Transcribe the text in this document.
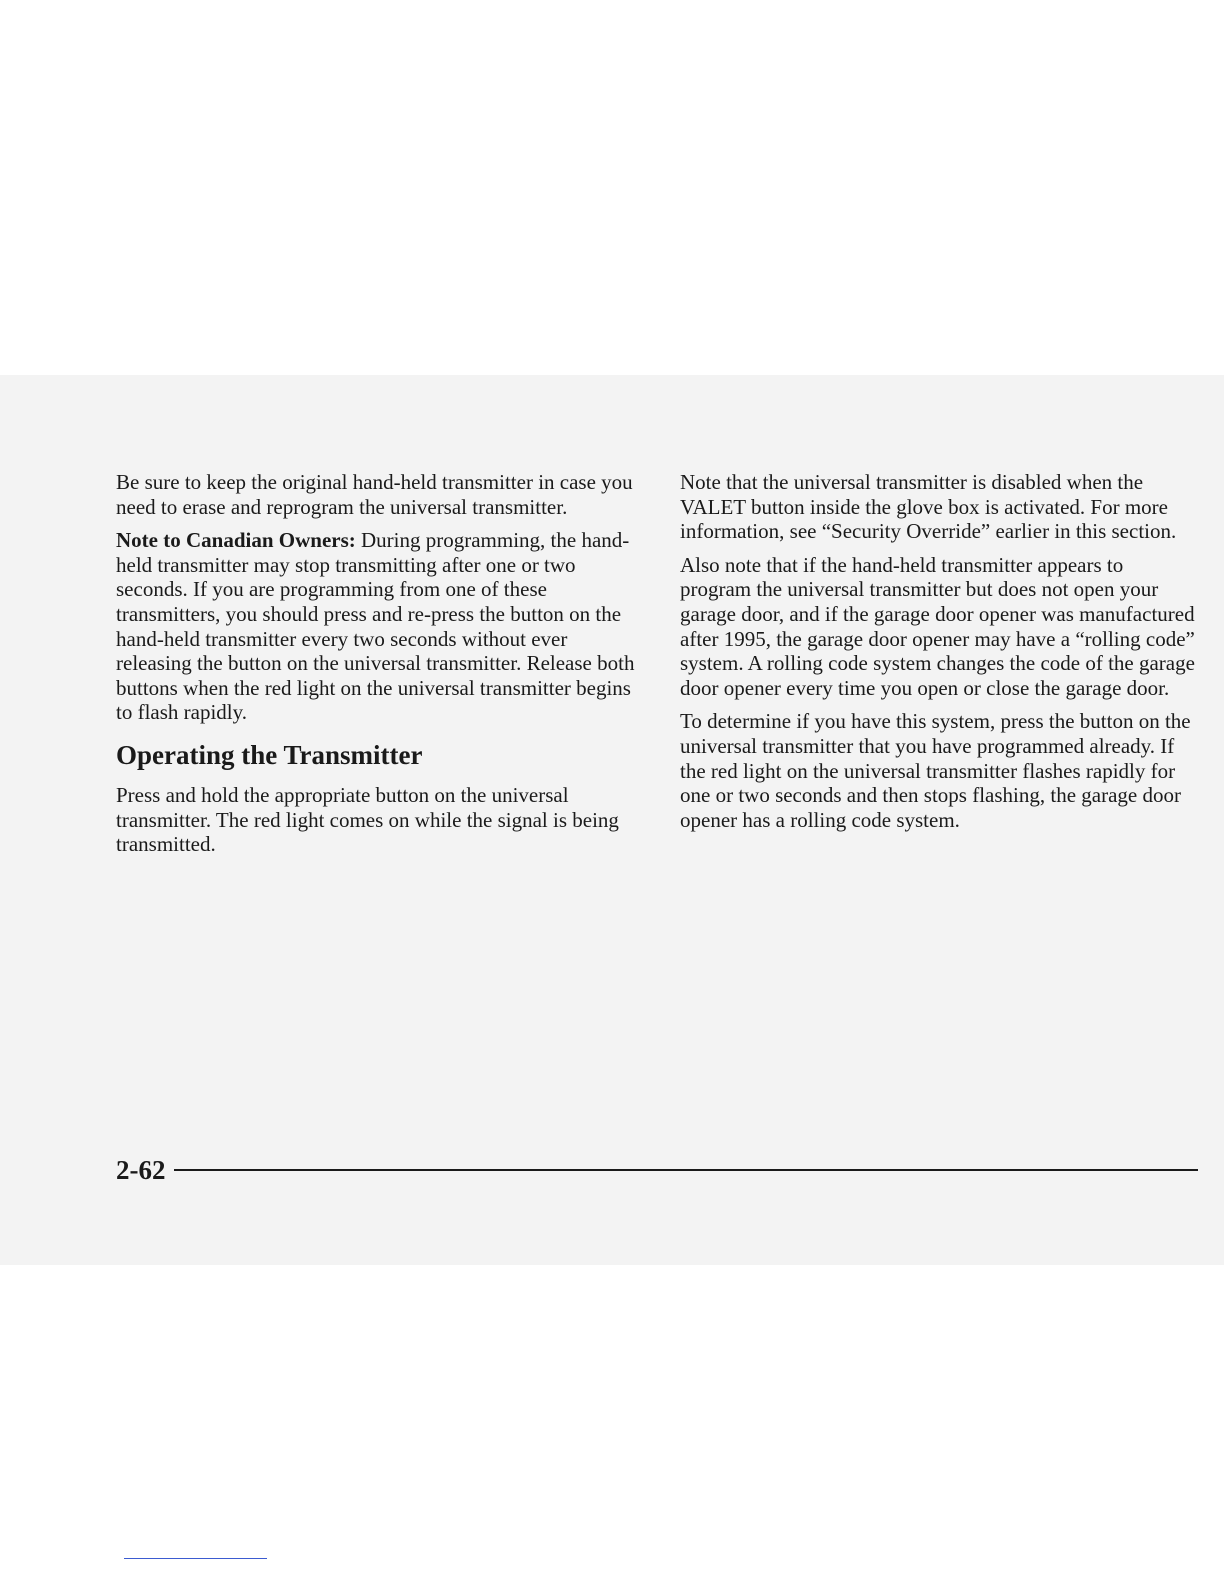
Be sure to keep the original hand-held transmitter in case you need to erase and reprogram the universal transmitter.

Note to Canadian Owners: During programming, the hand-held transmitter may stop transmitting after one or two seconds. If you are programming from one of these transmitters, you should press and re-press the button on the hand-held transmitter every two seconds without ever releasing the button on the universal transmitter. Release both buttons when the red light on the universal transmitter begins to flash rapidly.

Operating the Transmitter

Press and hold the appropriate button on the universal transmitter. The red light comes on while the signal is being transmitted.

Note that the universal transmitter is disabled when the VALET button inside the glove box is activated. For more information, see “Security Override” earlier in this section.

Also note that if the hand-held transmitter appears to program the universal transmitter but does not open your garage door, and if the garage door opener was manufactured after 1995, the garage door opener may have a “rolling code” system. A rolling code system changes the code of the garage door opener every time you open or close the garage door.

To determine if you have this system, press the button on the universal transmitter that you have programmed already. If the red light on the universal transmitter flashes rapidly for one or two seconds and then stops flashing, the garage door opener has a rolling code system.

2-62
